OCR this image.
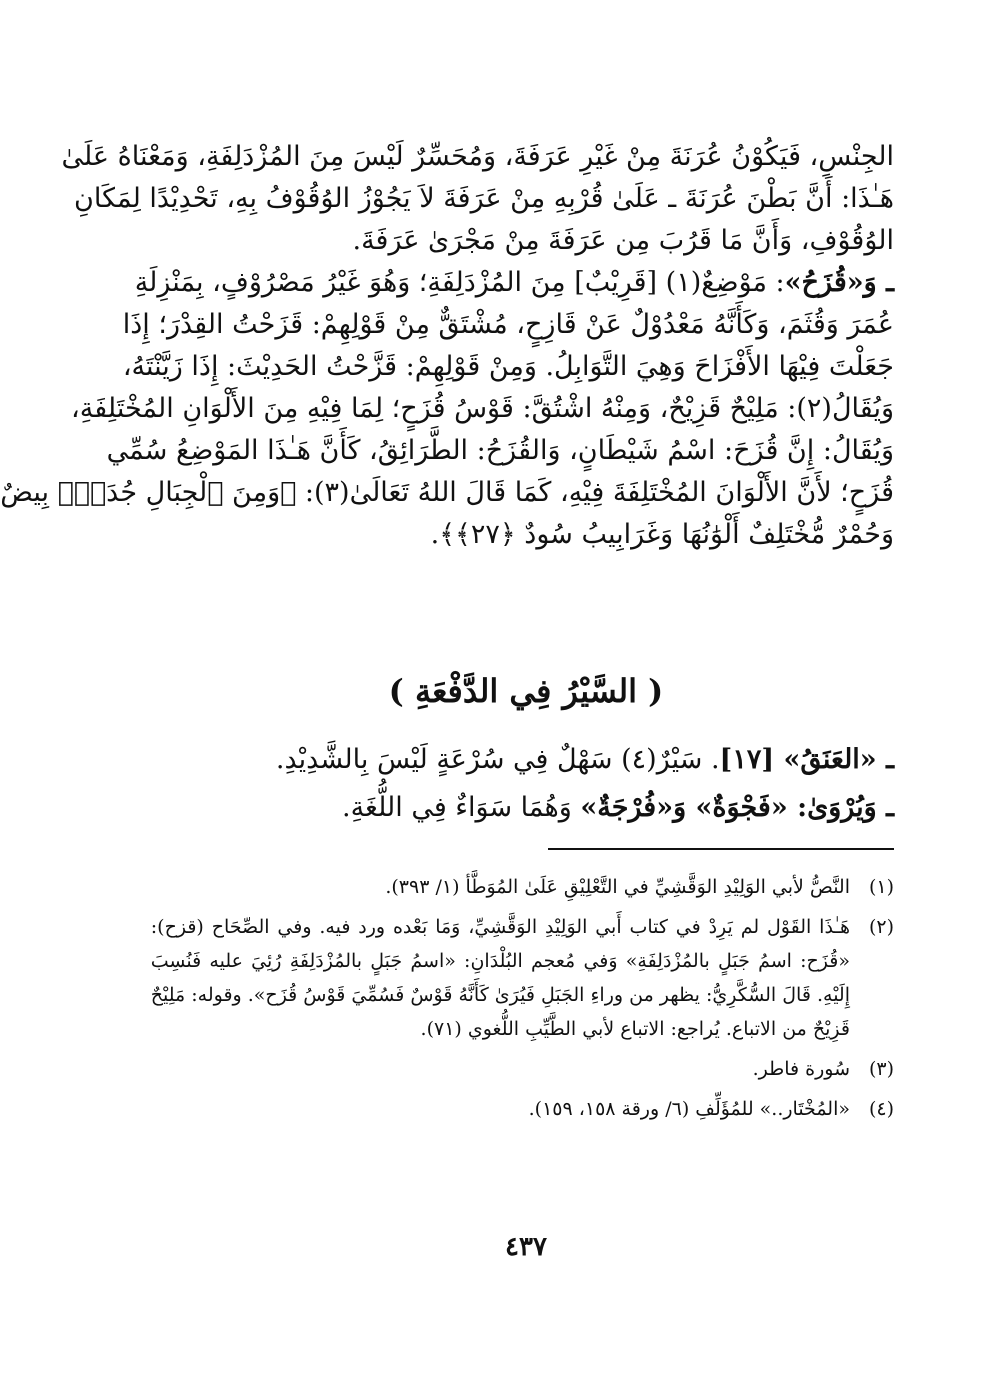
الجِنْسِ، فَيَكُوْنُ عُرَنَةَ مِنْ غَيْرِ عَرَفَةَ، وَمُحَسِّرٌ لَيْسَ مِنَ المُزْدَلِفَةِ، وَمَعْنَاهُ عَلَىٰ
هَـٰذَا: أَنَّ بَطْنَ عُرَنَةَ ـ عَلَىٰ قُرْبِهِ مِنْ عَرَفَةَ لاَ يَجُوْزُ الوُقُوْفُ بِهِ، تَحْدِيْدًا لِمَكَانِ
الوُقُوْفِ، وَأَنَّ مَا قَرُبَ مِن عَرَفَةَ مِنْ مَجْرَىٰ عَرَفَةَ.
ـ وَ«قُزَحُ»: مَوْضِعٌ(١) [قَرِيْبٌ] مِنَ المُزْدَلِفَةِ؛ وَهُوَ غَيْرُ مَصْرُوْفٍ، بِمَنْزِلَةِ
عُمَرَ وَقُثَمَ، وَكَأَنَّهُ مَعْدُوْلٌ عَنْ قَازِحٍ، مُشْتَقٌّ مِنْ قَوْلِهِمْ: قَزَحْتُ القِدْرَ؛ إِذَا
جَعَلْتَ فِيْهَا الأَفْزَاحَ وَهِيَ التَّوَابِلُ. وَمِنْ قَوْلِهِمْ: قَزَّحْتُ الحَدِيْثَ: إِذَا زَيَّنْتَهُ،
وَيُقَالُ(٢): مَلِيْحٌ قَزِيْحٌ، وَمِنْهُ اشْتُقَّ: قَوْسُ قُزَحٍ؛ لِمَا فِيْهِ مِنَ الأَلْوَانِ المُخْتَلِفَةِ،
وَيُقَالُ: إِنَّ قُزَحَ: اسْمُ شَيْطَانٍ، وَالقُزَحُ: الطَّرَائِقُ، كَأَنَّ هَـٰذَا المَوْضِعُ سُمِّي
قُزَحٍ؛ لأَنَّ الأَلْوَانَ المُخْتَلِفَةَ فِيْهِ، كَمَا قَالَ اللهُ تَعَالَىٰ(٣): ﴿وَمِنَ ٱلْجِبَالِ جُدَدٌۢ بِيضٌ
وَحُمْرٌ مُّخْتَلِفٌ أَلْوَٰنُهَا وَغَرَابِيبُ سُودٌ ﴿٢٧﴾﴾.
( السَّيْرُ فِي الدَّفْعَةِ )
ـ «العَنَقُ» [١٧]. سَيْرٌ(٤) سَهْلٌ فِي سُرْعَةٍ لَيْسَ بِالشَّدِيْدِ.
ـ وَيُرْوَىٰ: «فَجْوَةٌ» وَ«فُرْجَةٌ» وَهُمَا سَوَاءٌ فِي اللُّغَةِ.
(١)
النَّصُّ لأبي الوَلِيْدِ الوَقَّشِيِّ في التَّعْلِيْقِ عَلَىٰ المُوَطَّأ (١/ ٣٩٣).
(٢)
هَـٰذَا القَوْل لم يَرِدْ في كتاب أَبي الوَلِيْدِ الوَقَّشِيِّ، وَمَا بَعْده ورد فيه. وفي الصِّحَاح (قزح):
«قُزَح: اسمُ جَبَلٍ بالمُزْدَلِفَةِ» وَفي مُعجم البُلْدَانِ: «اسمُ جَبَلٍ بالمُزْدَلِفَةِ رُئِيَ عليه فَنُسِبَ
إِلَيْهِ. قَالَ السُّكَّرِيُّ: يظهر من وراءِ الجَبَلِ فَيُرَىٰ كَأَنَّهُ قَوْسٌ فَسُمِّيَ قَوْسُ قُزَح». وقوله: مَلِيْحٌ
قَزِيْحٌ من الاتباع. يُراجع: الاتباع لأبي الطَّيِّبِ اللُّغوي (٧١).
(٣)
سُورة فاطر.
(٤)
«المُخْتَار..» للمُؤَلِّفِ (٦/ ورقة ١٥٨، ١٥٩).
٤٣٧
